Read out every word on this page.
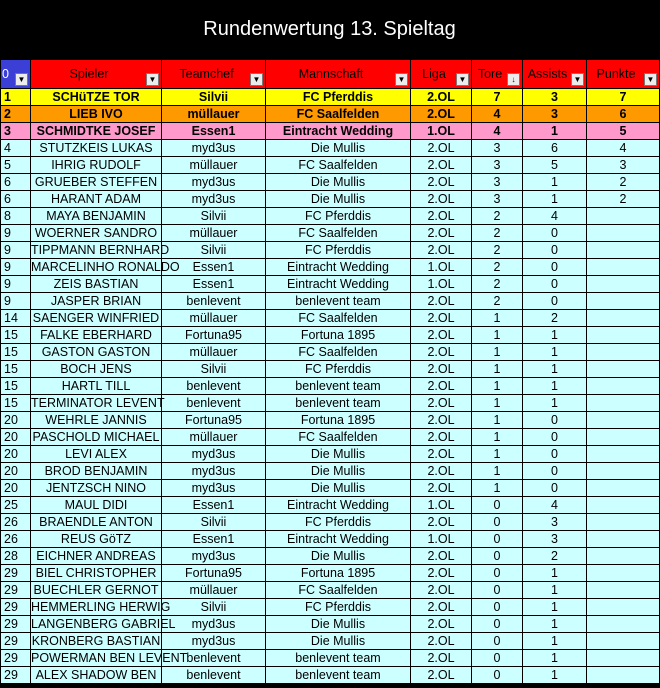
Rundenwertung 13. Spieltag
0 ▼	Spieler ▼	Teamchef ▼	Mannschaft ▼	Liga ▼	Tore ↓	Assists ▼	Punkte ▼

1	SCHüTZE TOR	Silvii	FC Pferddis	2.OL	7	3	7
2	LIEB IVO	müllauer	FC Saalfelden	2.OL	4	3	6
3	SCHMIDTKE JOSEF	Essen1	Eintracht Wedding	1.OL	4	1	5
4	STUTZKEIS LUKAS	myd3us	Die Mullis	2.OL	3	6	4
5	IHRIG RUDOLF	müllauer	FC Saalfelden	2.OL	3	5	3
6	GRUEBER STEFFEN	myd3us	Die Mullis	2.OL	3	1	2
6	HARANT ADAM	myd3us	Die Mullis	2.OL	3	1	2
8	MAYA BENJAMIN	Silvii	FC Pferddis	2.OL	2	4	
9	WOERNER SANDRO	müllauer	FC Saalfelden	2.OL	2	0	
9	TIPPMANN BERNHARD	Silvii	FC Pferddis	2.OL	2	0	
9	MARCELINHO RONALDO	Essen1	Eintracht Wedding	1.OL	2	0	
9	ZEIS BASTIAN	Essen1	Eintracht Wedding	1.OL	2	0	
9	JASPER BRIAN	benlevent	benlevent team	2.OL	2	0	
14	SAENGER WINFRIED	müllauer	FC Saalfelden	2.OL	1	2	
15	FALKE EBERHARD	Fortuna95	Fortuna 1895	2.OL	1	1	
15	GASTON GASTON	müllauer	FC Saalfelden	2.OL	1	1	
15	BOCH JENS	Silvii	FC Pferddis	2.OL	1	1	
15	HARTL TILL	benlevent	benlevent team	2.OL	1	1	
15	TERMINATOR LEVENT	benlevent	benlevent team	2.OL	1	1	
20	WEHRLE JANNIS	Fortuna95	Fortuna 1895	2.OL	1	0	
20	PASCHOLD MICHAEL	müllauer	FC Saalfelden	2.OL	1	0	
20	LEVI ALEX	myd3us	Die Mullis	2.OL	1	0	
20	BROD BENJAMIN	myd3us	Die Mullis	2.OL	1	0	
20	JENTZSCH NINO	myd3us	Die Mullis	2.OL	1	0	
25	MAUL DIDI	Essen1	Eintracht Wedding	1.OL	0	4	
26	BRAENDLE ANTON	Silvii	FC Pferddis	2.OL	0	3	
26	REUS GöTZ	Essen1	Eintracht Wedding	1.OL	0	3	
28	EICHNER ANDREAS	myd3us	Die Mullis	2.OL	0	2	
29	BIEL CHRISTOPHER	Fortuna95	Fortuna 1895	2.OL	0	1	
29	BUECHLER GERNOT	müllauer	FC Saalfelden	2.OL	0	1	
29	HEMMERLING HERWIG	Silvii	FC Pferddis	2.OL	0	1	
29	LANGENBERG GABRIEL	myd3us	Die Mullis	2.OL	0	1	
29	KRONBERG BASTIAN	myd3us	Die Mullis	2.OL	0	1	
29	POWERMAN BEN LEVENT	benlevent	benlevent team	2.OL	0	1	
29	ALEX SHADOW BEN	benlevent	benlevent team	2.OL	0	1	
